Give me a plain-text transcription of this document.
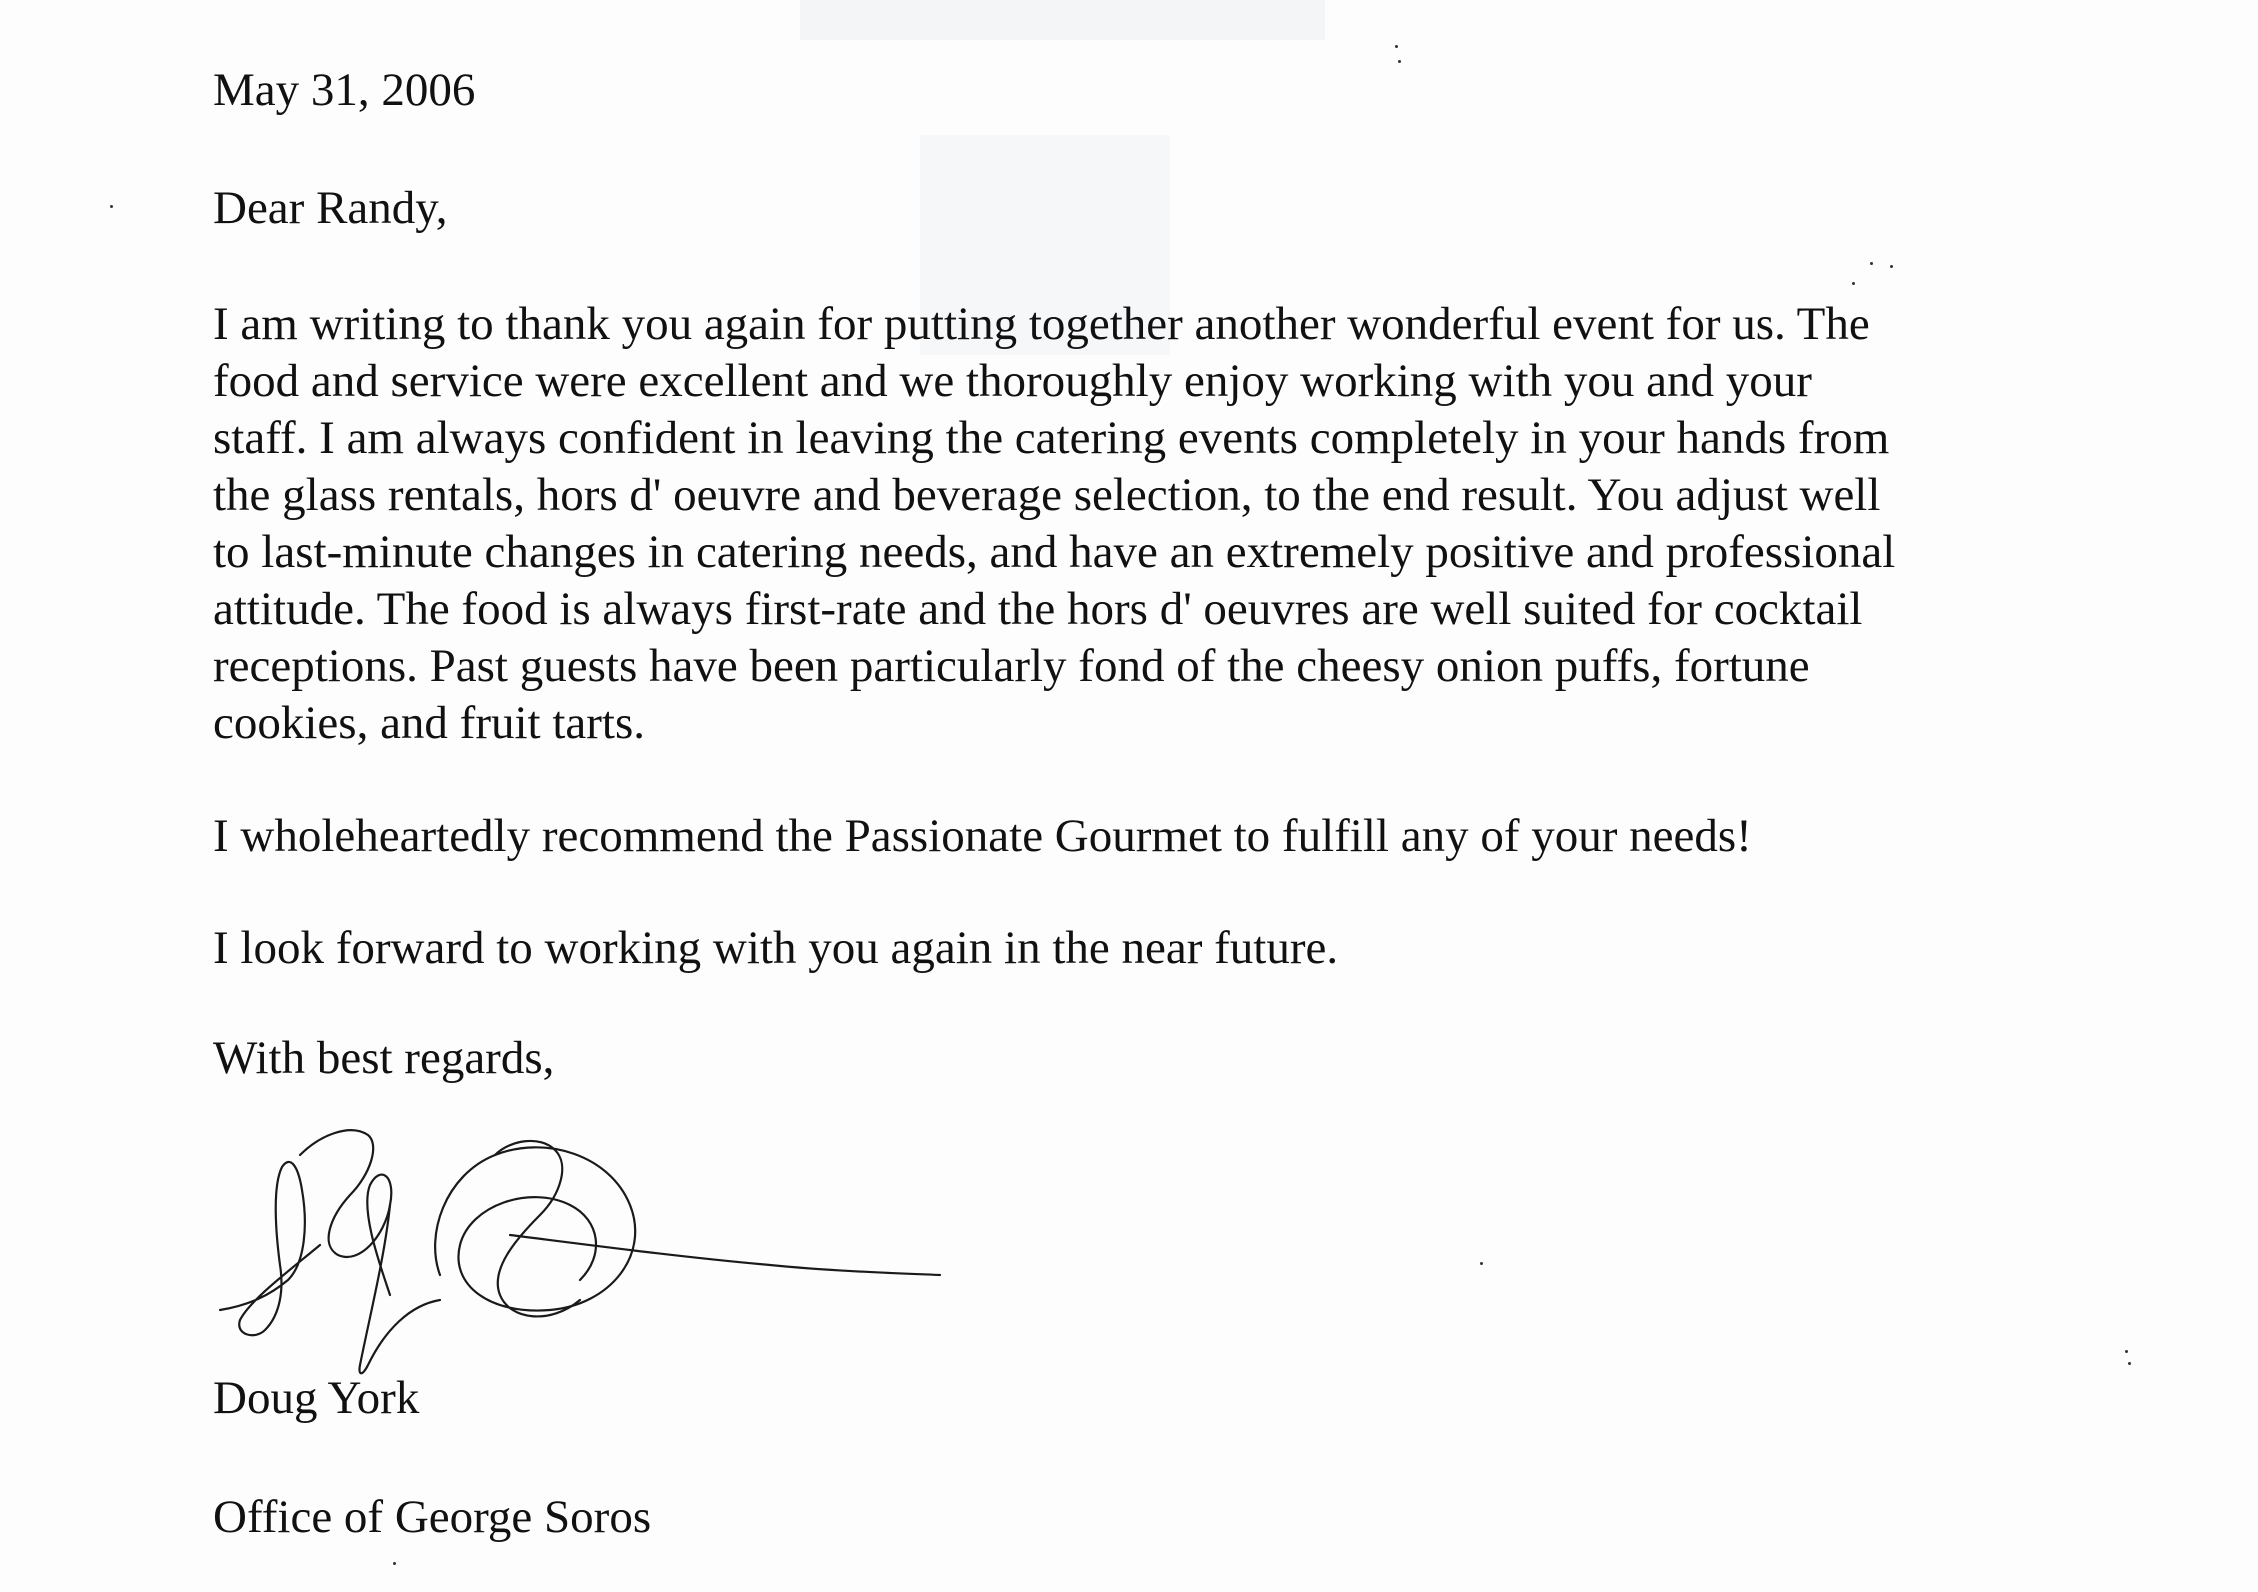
May 31, 2006

Dear Randy,

I am writing to thank you again for putting together another wonderful event for us. The
food and service were excellent and we thoroughly enjoy working with you and your
staff. I am always confident in leaving the catering events completely in your hands from
the glass rentals, hors d' oeuvre and beverage selection, to the end result. You adjust well
to last-minute changes in catering needs, and have an extremely positive and professional
attitude. The food is always first-rate and the hors d' oeuvres are well suited for cocktail
receptions. Past guests have been particularly fond of the cheesy onion puffs, fortune
cookies, and fruit tarts.

I wholeheartedly recommend the Passionate Gourmet to fulfill any of your needs!

I look forward to working with you again in the near future.

With best regards,

Doug York

Office of George Soros
